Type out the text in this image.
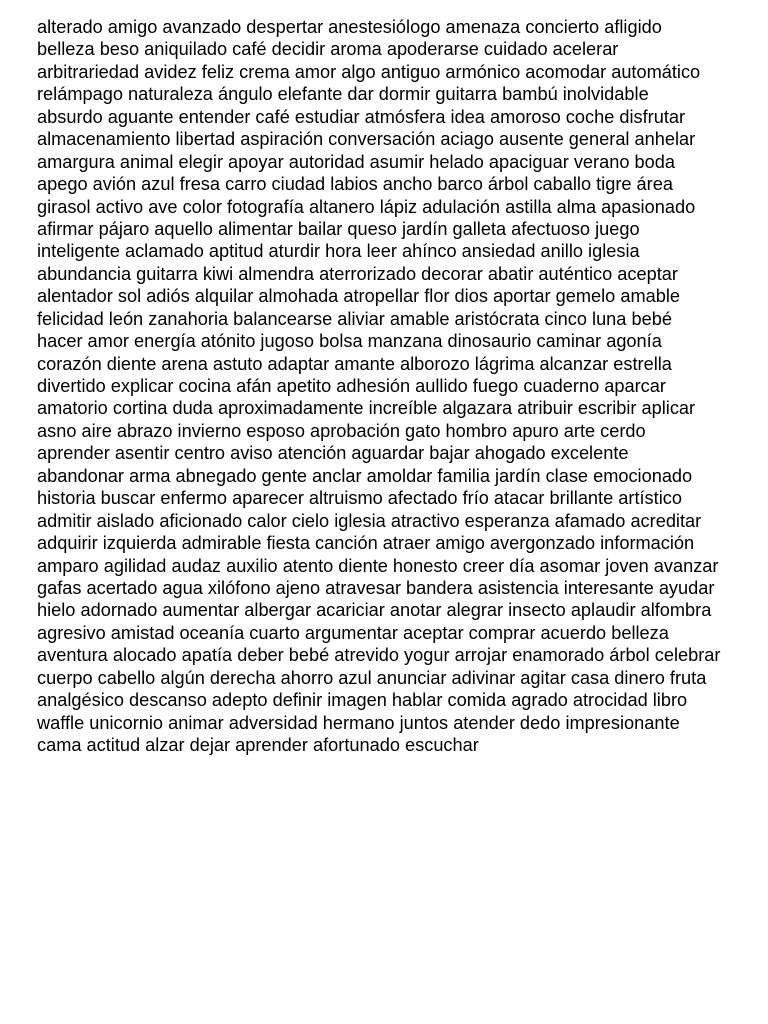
alterado amigo avanzado despertar anestesiólogo amenaza concierto afligido
belleza beso aniquilado café decidir aroma apoderarse cuidado acelerar
arbitrariedad avidez feliz crema amor algo antiguo armónico acomodar automático
relámpago naturaleza ángulo elefante dar dormir guitarra bambú inolvidable
absurdo aguante entender café estudiar atmósfera idea amoroso coche disfrutar
almacenamiento libertad aspiración conversación aciago ausente general anhelar
amargura animal elegir apoyar autoridad asumir helado apaciguar verano boda
apego avión azul fresa carro ciudad labios ancho barco árbol caballo tigre área
girasol activo ave color fotografía altanero lápiz adulación astilla alma apasionado
afirmar pájaro aquello alimentar bailar queso jardín galleta afectuoso juego
inteligente aclamado aptitud aturdir hora leer ahínco ansiedad anillo iglesia
abundancia guitarra kiwi almendra aterrorizado decorar abatir auténtico aceptar
alentador sol adiós alquilar almohada atropellar flor dios aportar gemelo amable
felicidad león zanahoria balancearse aliviar amable aristócrata cinco luna bebé
hacer amor energía atónito jugoso bolsa manzana dinosaurio caminar agonía
corazón diente arena astuto adaptar amante alborozo lágrima alcanzar estrella
divertido explicar cocina afán apetito adhesión aullido fuego cuaderno aparcar
amatorio cortina duda aproximadamente increíble algazara atribuir escribir aplicar
asno aire abrazo invierno esposo aprobación gato hombro apuro arte cerdo
aprender asentir centro aviso atención aguardar bajar ahogado excelente
abandonar arma abnegado gente anclar amoldar familia jardín clase emocionado
historia buscar enfermo aparecer altruismo afectado frío atacar brillante artístico
admitir aislado aficionado calor cielo iglesia atractivo esperanza afamado acreditar
adquirir izquierda admirable fiesta canción atraer amigo avergonzado información
amparo agilidad audaz auxilio atento diente honesto creer día asomar joven avanzar
gafas acertado agua xilófono ajeno atravesar bandera asistencia interesante ayudar
hielo adornado aumentar albergar acariciar anotar alegrar insecto aplaudir alfombra
agresivo amistad oceanía cuarto argumentar aceptar comprar acuerdo belleza
aventura alocado apatía deber bebé atrevido yogur arrojar enamorado árbol celebrar
cuerpo cabello algún derecha ahorro azul anunciar adivinar agitar casa dinero fruta
analgésico descanso adepto definir imagen hablar comida agrado atrocidad libro
waffle unicornio animar adversidad hermano juntos atender dedo impresionante
cama actitud alzar dejar aprender afortunado escuchar
